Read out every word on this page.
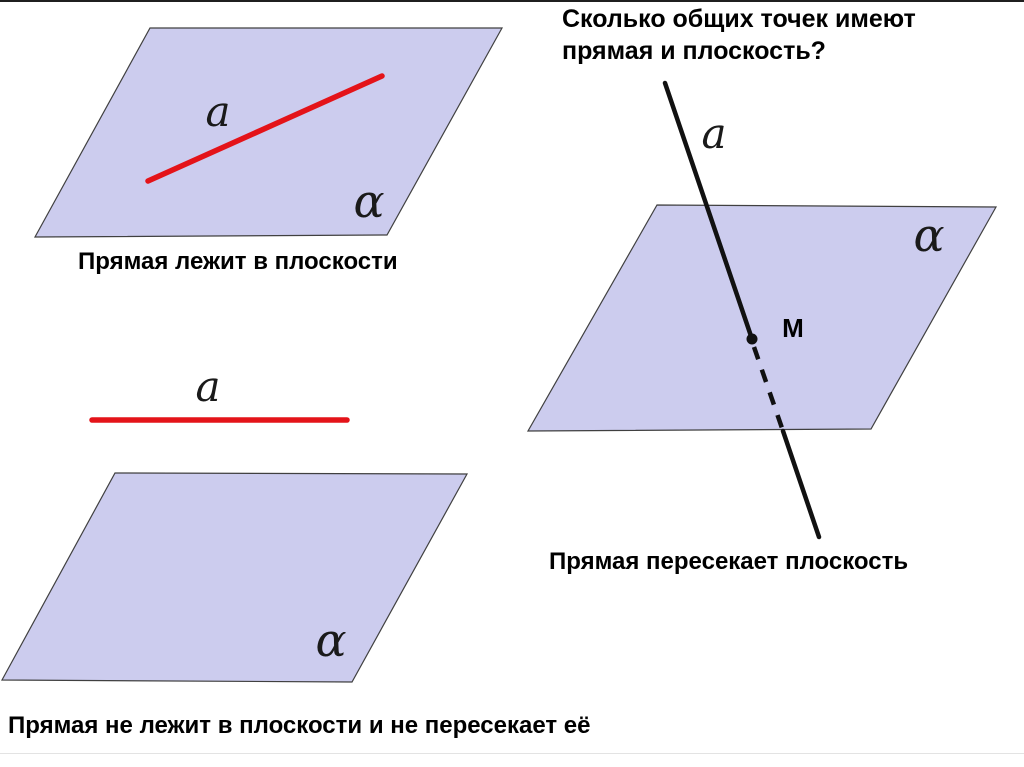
Сколько общих точек имеют
прямая и плоскость?
a
α
a
α
a
α
M
Прямая лежит в плоскости
Прямая пересекает плоскость
Прямая не лежит в плоскости и не пересекает её
